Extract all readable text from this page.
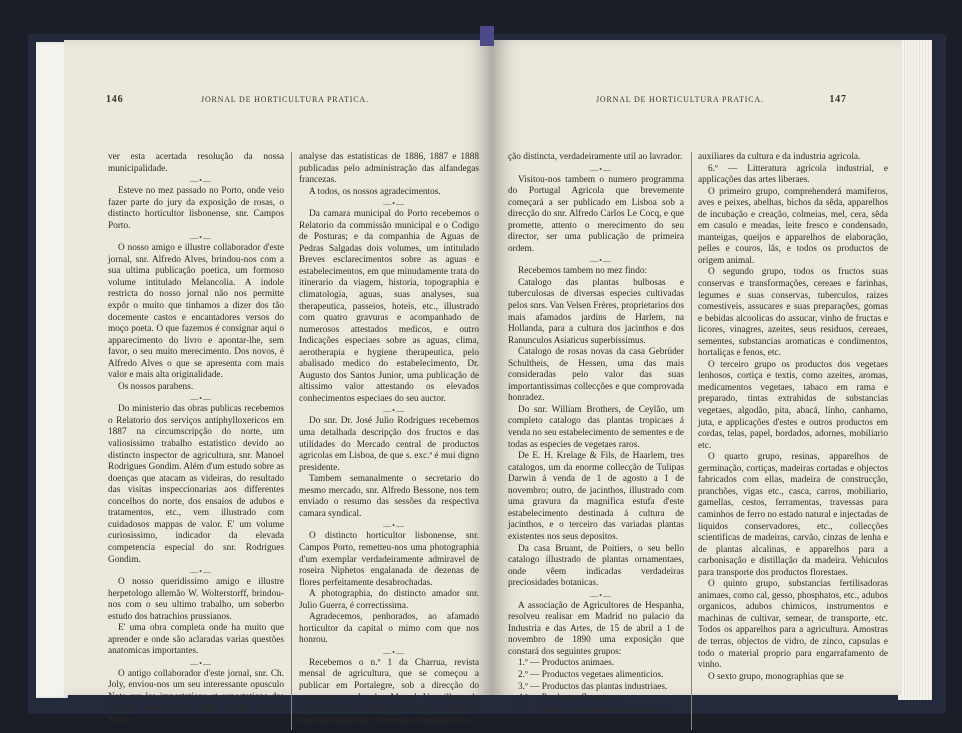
146	JORNAL DE HORTICULTURA PRATICA.

ver esta acertada resolução da nossa municipalidade.

—•—

Esteve no mez passado no Porto, onde veio fazer parte do jury da exposição de rosas, o distincto horticultor lisbonense, snr. Campos Porto.

—•—

O nosso amigo e illustre collaborador d'este jornal, snr. Alfredo Alves, brindou-nos com a sua ultima publicação poetica, um formoso volume intitulado Melancolia. A indole restricta do nosso jornal não nos permitte expôr o muito que tinhamos a dizer dos tão docemente castos e encantadores versos do moço poeta. O que fazemos é consignar aqui o apparecimento do livro e apontar-lhe, sem favor, o seu muito merecimento. Dos novos, é Alfredo Alves o que se apresenta com mais valor e mais alta originalidade.

Os nossos parabens.

—•—

Do ministerio das obras publicas recebemos o Relatorio dos serviços antiphylloxericos em 1887 na circumscripção do norte, um valiosissimo trabalho estatistico devido ao distincto inspector de agricultura, snr. Manoel Rodrigues Gondim. Além d'um estudo sobre as doenças que atacam as videiras, do resultado das visitas inspeccionarias aos differentes concelhos do norte, dos ensaios de adubos e tratamentos, etc., vem illustrado com cuidadosos mappas de valor. E' um volume curiosissimo, indicador da elevada competencia especial do snr. Rodrigues Gondim.

—•—

O nosso queridissimo amigo e illustre herpetologo allemão W. Wolterstorff, brindou-nos com o seu ultimo trabalho, um soberbo estudo dos batrachios prussianos.

E' uma obra completa onde ha muito que aprender e onde são aclaradas varias questões anatomicas importantes.

—•—

O antigo collaborador d'este jornal, snr. Ch. Joly, enviou-nos um seu interessante opusculo Note sur les importations et exportations des produits horticoles de 1886 à 1888. E' uma lucida

analyse das estatisticas de 1886, 1887 e 1888 publicadas pelo administração das alfandegas francezas.

A todos, os nossos agradecimentos.

—•—

Da camara municipal do Porto recebemos o Relatorio da commissão municipal e o Codigo de Posturas; e da companhia de Aguas de Pedras Salgadas dois volumes, um intitulado Breves esclarecimentos sobre as aguas e estabelecimentos, em que minudamente trata do itinerario da viagem, historia, topographia e climatologia, aguas, suas analyses, sua therapeutica, passeios, hoteis, etc., illustrado com quatro gravuras e acompanhado de numerosos attestados medicos, e outro Indicações especiaes sobre as aguas, clima, aerotherapia e hygiene therapeutica, pelo abalisado medico do estabelecimento, Dr. Augusto dos Santos Junior, uma publicação de altissimo valor attestando os elevados conhecimentos especiaes do seu auctor.

—•—

Do snr. Dr. José Julio Rodrigues recebemos uma detalhada descripção dos fructos e das utilidades do Mercado central de productos agricolas em Lisboa, de que s. exc.ª é mui digno presidente.

Tambem semanalmente o secretario do mesmo mercado, snr. Alfredo Bessone, nos tem enviado o resumo das sessões da respectiva camara syndical.

—•—

O distincto horticultor lisbonense, snr. Campos Porto, remetteu-nos uma photographia d'um exemplar verdadeiramente admiravel de roseira Niphetos engalanada de dezenas de flores perfeitamente desabrochadas.

A photographia, do distincto amador snr. Julio Guerra, é correctissima.

Agradecemos, penhorados, ao afamado horticultor da capital o mimo com que nos honrou.

—•—

Recebemos o n.º 1 da Charrua, revista mensal de agricultura, que se começou a publicar em Portalegre, sob a direcção do agronomo snr. Larcher Marçal. Vem illustrado com o retrato do principe D. Carlos e diversas machinas agricolas. Promette ser uma publica-

JORNAL DE HORTICULTURA PRATICA.	147

ção distincta, verdadeiramente util ao lavrador.

—•—

Visitou-nos tambem o numero programma do Portugal Agricola que brevemente começará a ser publicado em Lisboa sob a direcção do snr. Alfredo Carlos Le Cocq, e que promette, attento o merecimento do seu director, ser uma publicação de primeira ordem.

—•—

Recebemos tambem no mez findo:

Catalogo das plantas bulbosas e tuberculosas de diversas especies cultivadas pelos snrs. Van Velsen Frères, proprietarios dos mais afamados jardins de Harlem, na Hollanda, para a cultura dos jacinthos e dos Ranunculos Asiaticus superbissimus.

Catalogo de rosas novas da casa Gebrüder Schultheis, de Hessen, uma das mais consideradas pelo valor das suas importantissimas collecções e que comprovada honradez.

Do snr. William Brothers, de Ceylão, um completo catalogo das plantas tropicaes á venda no seu estabelecimento de sementes e de todas as especies de vegetaes raros.

De E. H. Krelage & Fils, de Haarlem, tres catalogos, um da enorme collecção de Tulipas Darwin á venda de 1 de agosto a 1 de novembro; outro, de jacinthos, illustrado com uma gravura da magnifica estufa d'este estabelecimento destinada á cultura de jacinthos, e o terceiro das variadas plantas existentes nos seus depositos.

Da casa Bruant, de Poitiers, o seu bello catalogo illustrado de plantas ornamentaes, onde vêem indicadas verdadeiras preciosidades botanicas.

—•—

A associação de Agricultores de Hespanha, resolveu realisar em Madrid no palacio da Industria e das Artes, de 15 de abril a 1 de novembro de 1890 uma exposição que constará dos seguintes grupos:

1.º — Productos animaes.

2.º — Productos vegetaes alimenticios.

3.º — Productos das plantas industriaes.

4.º — Productos florestaes.

5.º — Adubos, instrumentos e materiaes

auxiliares da cultura e da industria agricola.

6.º — Litteratura agricola industrial, e applicações das artes liberaes.

O primeiro grupo, comprehenderá mamiferos, aves e peixes, abelhas, bichos da sêda, apparelhos de incubação e creação, colmeias, mel, cera, sêda em casulo e meadas, leite fresco e condensado, manteigas, queijos e apparelhos de elaboração, pelles e couros, lãs, e todos os productos de origem animal.

O segundo grupo, todos os fructos suas conservas e transformações, cereaes e farinhas, legumes e suas conservas, tuberculos, raizes comestiveis, assucares e suas preparações, gomas e bebidas alcoolicas do assucar, vinho de fructas e licores, vinagres, azeites, seus residuos, cereaes, sementes, substancias aromaticas e condimentos, hortaliças e fenos, etc.

O terceiro grupo os productos dos vegetaes lenhosos, cortiça e textis, como azeites, aromas, medicamentos vegetaes, tabaco em rama e preparado, tintas extrahidas de substancias vegetaes, algodão, pita, abacá, linho, canhamo, juta, e applicações d'estes e outros productos em cordas, telas, papel, bordados, adornes, mobiliario etc.

O quarto grupo, resinas, apparelhos de germinação, cortiças, madeiras cortadas e objectos fabricados com ellas, madeira de construcção, pranchões, vigas etc., casca, carros, mobiliario, gamellas, cestos, ferramentas, travessas para caminhos de ferro no estado natural e injectadas de liquidos conservadores, etc., collecções scientificas de madeiras, carvão, cinzas de lenha e de plantas alcalinas, e apparelhos para a carbonisação e distillação da madeira. Vehiculos para transporte dos productos florestaes.

O quinto grupo, substancias fertilisadoras animaes, como cal, gesso, phosphatos, etc., adubos organicos, adubos chimicos, instrumentos e machinas de cultivar, semear, de transporte, etc. Todos os apparelhos para a agricultura. Amostras de terras, objectos de vidro, de zinco, capsulas e todo o material proprio para engarrafamento de vinho.

O sexto grupo, monographias que se
